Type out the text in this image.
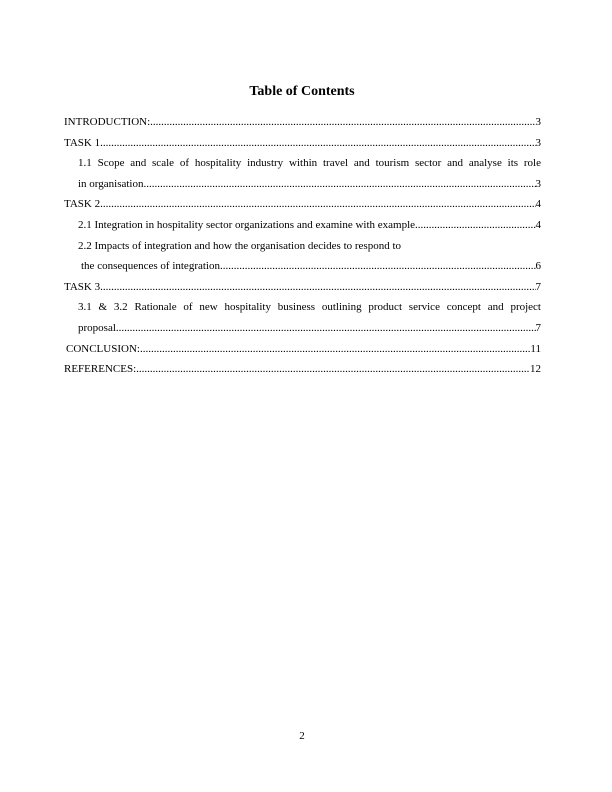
Table of Contents
INTRODUCTION: .....	3
TASK 1 .....	3
1.1 Scope and scale of hospitality industry within travel and tourism sector and analyse its role
in organisation .....	3
TASK 2 .....	4
2.1 Integration in hospitality sector organizations and examine with example .....	4
2.2 Impacts of integration and how the organisation decides to respond to
the consequences of integration .....	6
TASK 3 .....	7
3.1 & 3.2 Rationale of new hospitality business outlining product service concept and project
proposal .....	7
CONCLUSION: .....	11
REFERENCES: .....	12
2
